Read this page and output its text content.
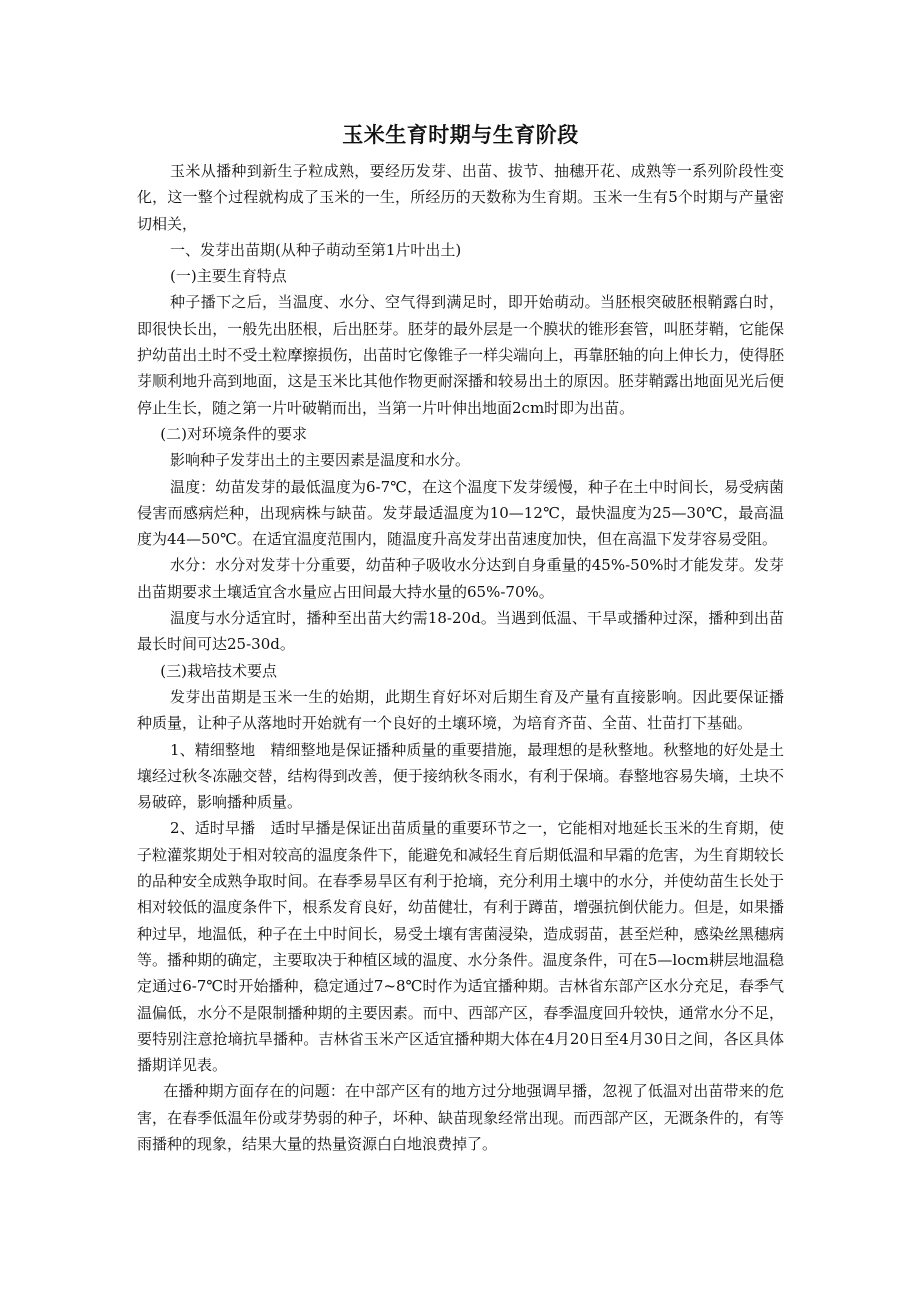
玉米生育时期与生育阶段

玉米从播种到新生子粒成熟，要经历发芽、出苗、拔节、抽穗开花、成熟等一系列阶段性变化，这一整个过程就构成了玉米的一生，所经历的天数称为生育期。玉米一生有5个时期与产量密切相关，

一、发芽出苗期(从种子萌动至第1片叶出土)

(一)主要生育特点

种子播下之后，当温度、水分、空气得到满足时，即开始萌动。当胚根突破胚根鞘露白时，即很快长出，一般先出胚根，后出胚芽。胚芽的最外层是一个膜状的锥形套管，叫胚芽鞘，它能保护幼苗出土时不受土粒摩擦损伤，出苗时它像锥子一样尖端向上，再靠胚轴的向上伸长力，使得胚芽顺利地升高到地面，这是玉米比其他作物更耐深播和较易出土的原因。胚芽鞘露出地面见光后便停止生长，随之第一片叶破鞘而出，当第一片叶伸出地面2cm时即为出苗。

(二)对环境条件的要求

影响种子发芽出土的主要因素是温度和水分。

温度：幼苗发芽的最低温度为6-7℃，在这个温度下发芽缓慢，种子在土中时间长，易受病菌侵害而感病烂种，出现病株与缺苗。发芽最适温度为10—12℃，最快温度为25—30℃，最高温度为44—50℃。在适宜温度范围内，随温度升高发芽出苗速度加快，但在高温下发芽容易受阻。

水分：水分对发芽十分重要，幼苗种子吸收水分达到自身重量的45%-50%时才能发芽。发芽出苗期要求土壤适宜含水量应占田间最大持水量的65%-70%。

温度与水分适宜时，播种至出苗大约需18-20d。当遇到低温、干旱或播种过深，播种到出苗最长时间可达25-30d。

(三)栽培技术要点

发芽出苗期是玉米一生的始期，此期生育好坏对后期生育及产量有直接影响。因此要保证播种质量，让种子从落地时开始就有一个良好的土壤环境，为培育齐苗、全苗、壮苗打下基础。

1、精细整地　精细整地是保证播种质量的重要措施，最理想的是秋整地。秋整地的好处是土壤经过秋冬冻融交替，结构得到改善，便于接纳秋冬雨水，有利于保墒。春整地容易失墒，土块不易破碎，影响播种质量。

2、适时早播　适时早播是保证出苗质量的重要环节之一，它能相对地延长玉米的生育期，使子粒灌浆期处于相对较高的温度条件下，能避免和减轻生育后期低温和早霜的危害，为生育期较长的品种安全成熟争取时间。在春季易旱区有利于抢墒，充分利用土壤中的水分，并使幼苗生长处于相对较低的温度条件下，根系发育良好，幼苗健壮，有利于蹲苗，增强抗倒伏能力。但是，如果播种过早，地温低，种子在土中时间长，易受土壤有害菌浸染，造成弱苗，甚至烂种，感染丝黑穗病等。播种期的确定，主要取决于种植区域的温度、水分条件。温度条件，可在5—locm耕层地温稳定通过6-7℃时开始播种，稳定通过7~8℃时作为适宜播种期。吉林省东部产区水分充足，春季气温偏低，水分不是限制播种期的主要因素。而中、西部产区，春季温度回升较快，通常水分不足，要特别注意抢墒抗旱播种。吉林省玉米产区适宜播种期大体在4月20日至4月30日之间，各区具体播期详见表。

在播种期方面存在的问题：在中部产区有的地方过分地强调早播，忽视了低温对出苗带来的危害，在春季低温年份或芽势弱的种子，坏种、缺苗现象经常出现。而西部产区，无溉条件的，有等雨播种的现象，结果大量的热量资源白白地浪费掉了。
